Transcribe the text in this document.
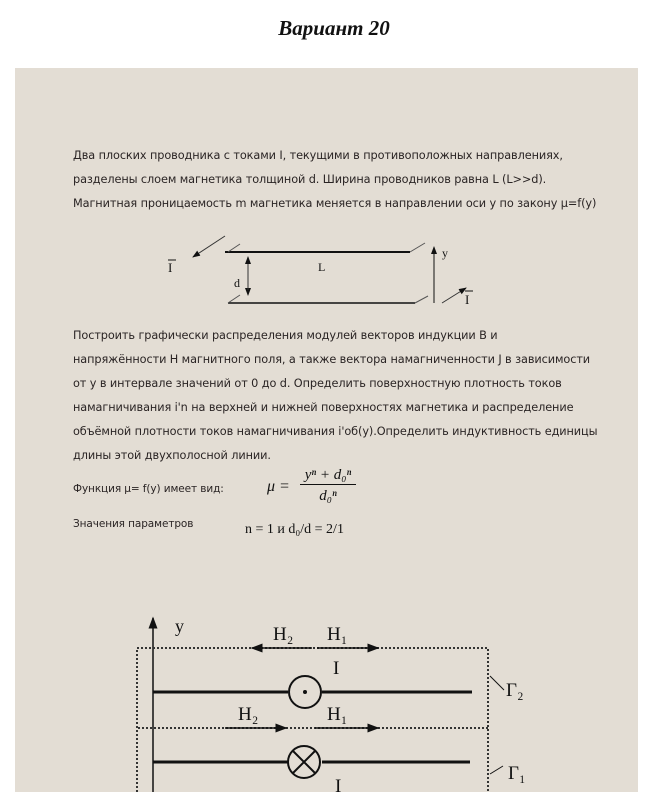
Вариант 20
Два плоских проводника с токами I, текущими в противоположных направлениях,
разделены слоем магнетика толщиной d. Ширина проводников равна L (L>>d).
Магнитная проницаемость m магнетика меняется в направлении оси y по закону μ=f(y)
I
I
L
d
y
y	H₂ H₁
H₂	H₁
I
I
Γ₂
Γ₁
Построить графически распределения модулей векторов индукции B и
напряжённости H магнитного поля, а также вектора намагниченности J в зависимости
от y в интервале значений от 0 до d. Определить поверхностную плотность токов
намагничивания i'n на верхней и нижней поверхностях магнетика и распределение
объёмной плотности токов намагничивания i'об(y).Определить индуктивность единицы
длины этой двухполосной линии.
Функция μ= f(y) имеет вид:	μ =
yⁿ + d₀ⁿ
d₀ⁿ
Значения параметров	n = 1 и d₀/d = 2/1
